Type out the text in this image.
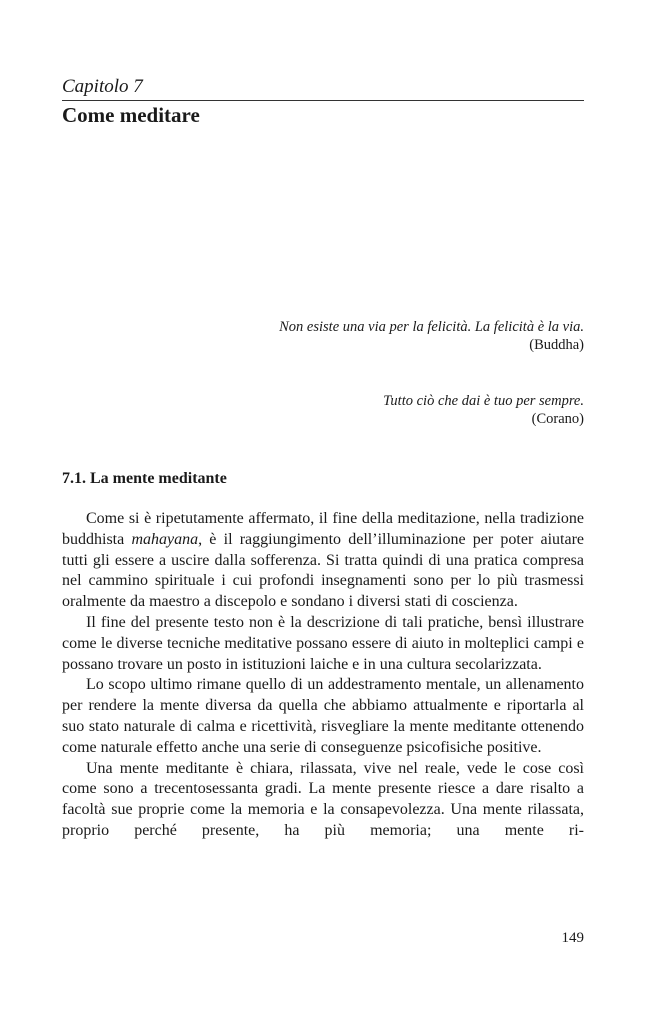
Capitolo 7
Come meditare
Non esiste una via per la felicità. La felicità è la via.
(Buddha)
Tutto ciò che dai è tuo per sempre.
(Corano)
7.1. La mente meditante

Come si è ripetutamente affermato, il fine della meditazione, nella tradizione buddhista mahayana, è il raggiungimento dell’illuminazione per poter aiutare tutti gli essere a uscire dalla sofferenza. Si tratta quindi di una pratica compresa nel cammino spirituale i cui profondi insegnamenti sono per lo più trasmessi oralmente da maestro a discepolo e sondano i diversi stati di coscienza.

Il fine del presente testo non è la descrizione di tali pratiche, bensì illustrare come le diverse tecniche meditative possano essere di aiuto in molteplici campi e possano trovare un posto in istituzioni laiche e in una cultura secolarizzata.

Lo scopo ultimo rimane quello di un addestramento mentale, un allenamento per rendere la mente diversa da quella che abbiamo attualmente e riportarla al suo stato naturale di calma e ricettività, risvegliare la mente meditante ottenendo come naturale effetto anche una serie di conseguenze psicofisiche positive.

Una mente meditante è chiara, rilassata, vive nel reale, vede le cose così come sono a trecentosessanta gradi. La mente presente riesce a dare risalto a facoltà sue proprie come la memoria e la consapevolezza. Una mente rilassata, proprio perché presente, ha più memoria; una mente ri-

149
